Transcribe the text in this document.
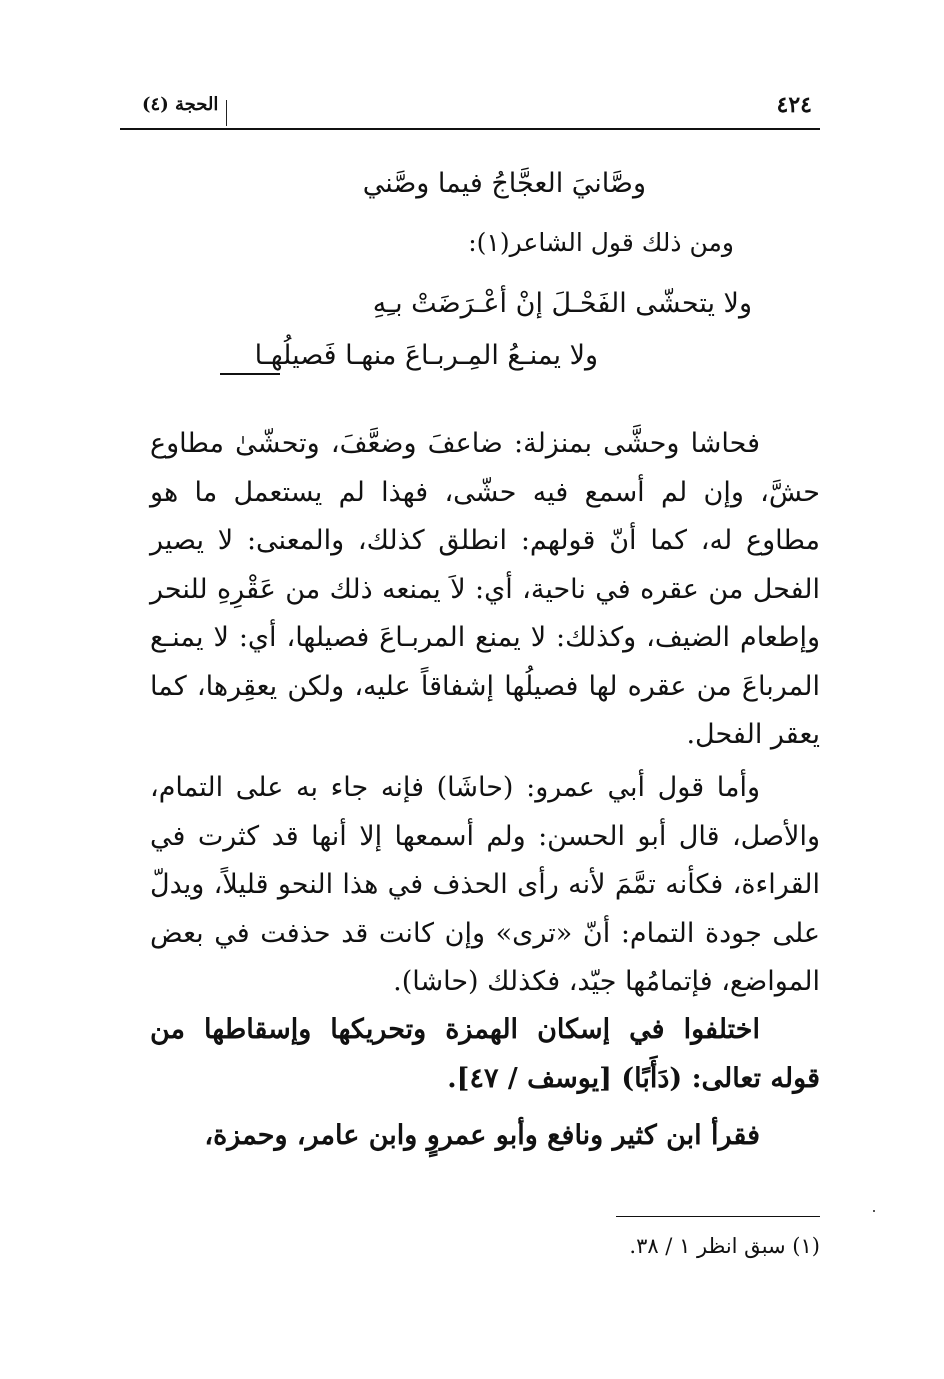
٤٢٤
الحجة (٤)
وصَّانيَ العجَّاجُ فيما وصَّني
ومن ذلك قول الشاعر(١):
ولا يتحشّى الفَحْـلَ إنْ أعْـرَضَتْ بـِهِ
ولا يمنـعُ المِـربـاعَ منهـا فَصيلُهـا

فحاشا وحشَّى بمنزلة: ضاعفَ وضعَّفَ، وتحشّىٰ مطاوع حشَّ، وإن لم أسمع فيه حشّى، فهذا لم يستعمل ما هو مطاوع له، كما أنّ قولهم: انطلق كذلك، والمعنى: لا يصير الفحل من عقره في ناحية، أي: لاَ يمنعه ذلك من عَقْرِهِ للنحر وإطعام الضيف، وكذلك: لا يمنع المربـاعَ فصيلها، أي: لا يمنـع المرباعَ من عقره لها فصيلُها إشفاقاً عليه، ولكن يعقِرها، كما يعقر الفحل.

وأما قول أبي عمرو: (حاشَا) فإنه جاء به على التمام، والأصل، قال أبو الحسن: ولم أسمعها إلا أنها قد كثرت في القراءة، فكأنه تمَّمَ لأنه رأى الحذف في هذا النحو قليلاً، ويدلّ على جودة التمام: أنّ «ترى» وإن كانت قد حذفت في بعض المواضع، فإتمامُها جيّد، فكذلك (حاشا).

اختلفوا في إسكان الهمزة وتحريكها وإسقاطها من قوله تعالى: (دَأَبًا) [يوسف / ٤٧].

فقرأ ابن كثير ونافع وأبو عمروٍ وابن عامر، وحمزة،

(١) سبق انظر ١ / ٣٨.
